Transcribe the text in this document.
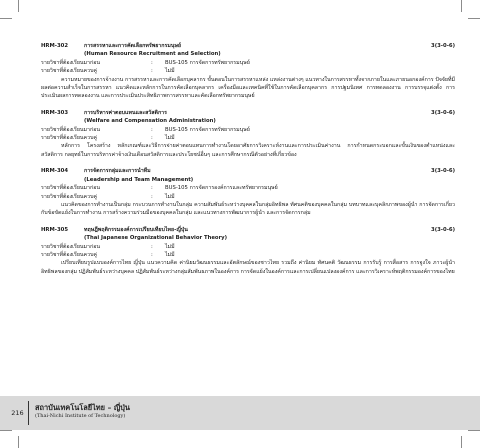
HRM-302	การสรรหาและการคัดเลือกทรัพยากรมนุษย์	3(3-0-6)
(Human Resource Recruitment and Selection)
รายวิชาที่ต้องเรียนมาก่อน	:	BUS-105 การจัดการทรัพยากรมนุษย์
รายวิชาที่ต้องเรียนควบคู่	:	ไม่มี
ความหมายของการจ้างงาน การสรรหาและการคัดเลือกบุคลากร ขั้นตอนในการสรรหาแหล่ง แหล่งงานต่างๆ แนวทางในการสรรหาทั้งจากภายในและภายนอกองค์การ ปัจจัยที่มีผลต่อความสำเร็จในการสรรหา แนวคิดและหลักการในการคัดเลือกบุคลากร เครื่องมือและเทคนิคที่ใช้ในการคัดเลือกบุคลากร การปฐมนิเทศ การทดลองงาน การบรรจุแต่งตั้ง การประเมินผลการทดลองงาน และการประเมินประสิทธิภาพการสรรหาและคัดเลือกทรัพยากรมนุษย์
HRM-303	การบริหารค่าตอบแทนและสวัสดิการ	3(3-0-6)
(Welfare and Compensation Administration)
รายวิชาที่ต้องเรียนมาก่อน	:	BUS-105 การจัดการทรัพยากรมนุษย์
รายวิชาที่ต้องเรียนควบคู่	:	ไม่มี
หลักการ โครงสร้าง หลักเกณฑ์และวิธีการจ่ายค่าตอบแทนการทำงานโดยอาศัยการวิเคราะห์งานและการประเมินค่างาน การกำหนดกระบอกและขั้นเงินของตำแหน่งและสวัสดิการ กลยุทธ์ในการบริหารค่าจ้างเงินเดือนสวัสดิการและประโยชน์อื่นๆ และการศึกษากรณีตัวอย่างที่เกี่ยวข้อง
HRM-304	การจัดการกลุ่มและการนำทีม	3(3-0-6)
(Leadership and Team Management)
รายวิชาที่ต้องเรียนมาก่อน	:	BUS-105 การจัดการองค์การและทรัพยากรมนุษย์
รายวิชาที่ต้องเรียนควบคู่	:	ไม่มี
แนวคิดของการทำงานเป็นกลุ่ม กระบวนการทำงานในกลุ่ม ความสัมพันธ์ระหว่างบุคคลในกลุ่มอิทธิพล ทัศนคติของบุคคลในกลุ่ม บทบาทและบุคลิกภาพของผู้นำ การจัดการเกี่ยวกับข้อขัดแย้งในการทำงาน การสร้างความร่วมมือของบุคคลในกลุ่ม และแนวทางการพัฒนาการผู้นำ และการจัดการกลุ่ม
HRM-305	ทฤษฎีพฤติกรรมองค์การเปรียบเทียบไทย-ญี่ปุ่น	3(3-0-6)
(Thai Japanese Organizational Behavior Theory)
รายวิชาที่ต้องเรียนมาก่อน	:	ไม่มี
รายวิชาที่ต้องเรียนควบคู่	:	ไม่มี
เปรียบเทียบรูปแบบองค์การไทย ญี่ปุ่น แนวความคิด ค่านิยมวัฒนธรรมและอัตลักษณ์ของชาวไทย รวมถึง ค่านิยม ทัศนคติ วัฒนธรรม การรับรู้ การสื่อสาร การจูงใจ ภาวะผู้นำ อิทธิพลของกลุ่ม ปฏิสัมพันธ์ระหว่างบุคคล ปฏิสัมพันธ์ระหว่างกลุ่มสัมพันธภาพในองค์การ การจัดแย้งในองค์การและการเปลี่ยนแปลงองค์การ และการวิเคราะห์พฤติกรรมองค์การของไทย
216
สถาบันเทคโนโลยีไทย – ญี่ปุ่น
(Thai-Nichi Institute of Technology)
